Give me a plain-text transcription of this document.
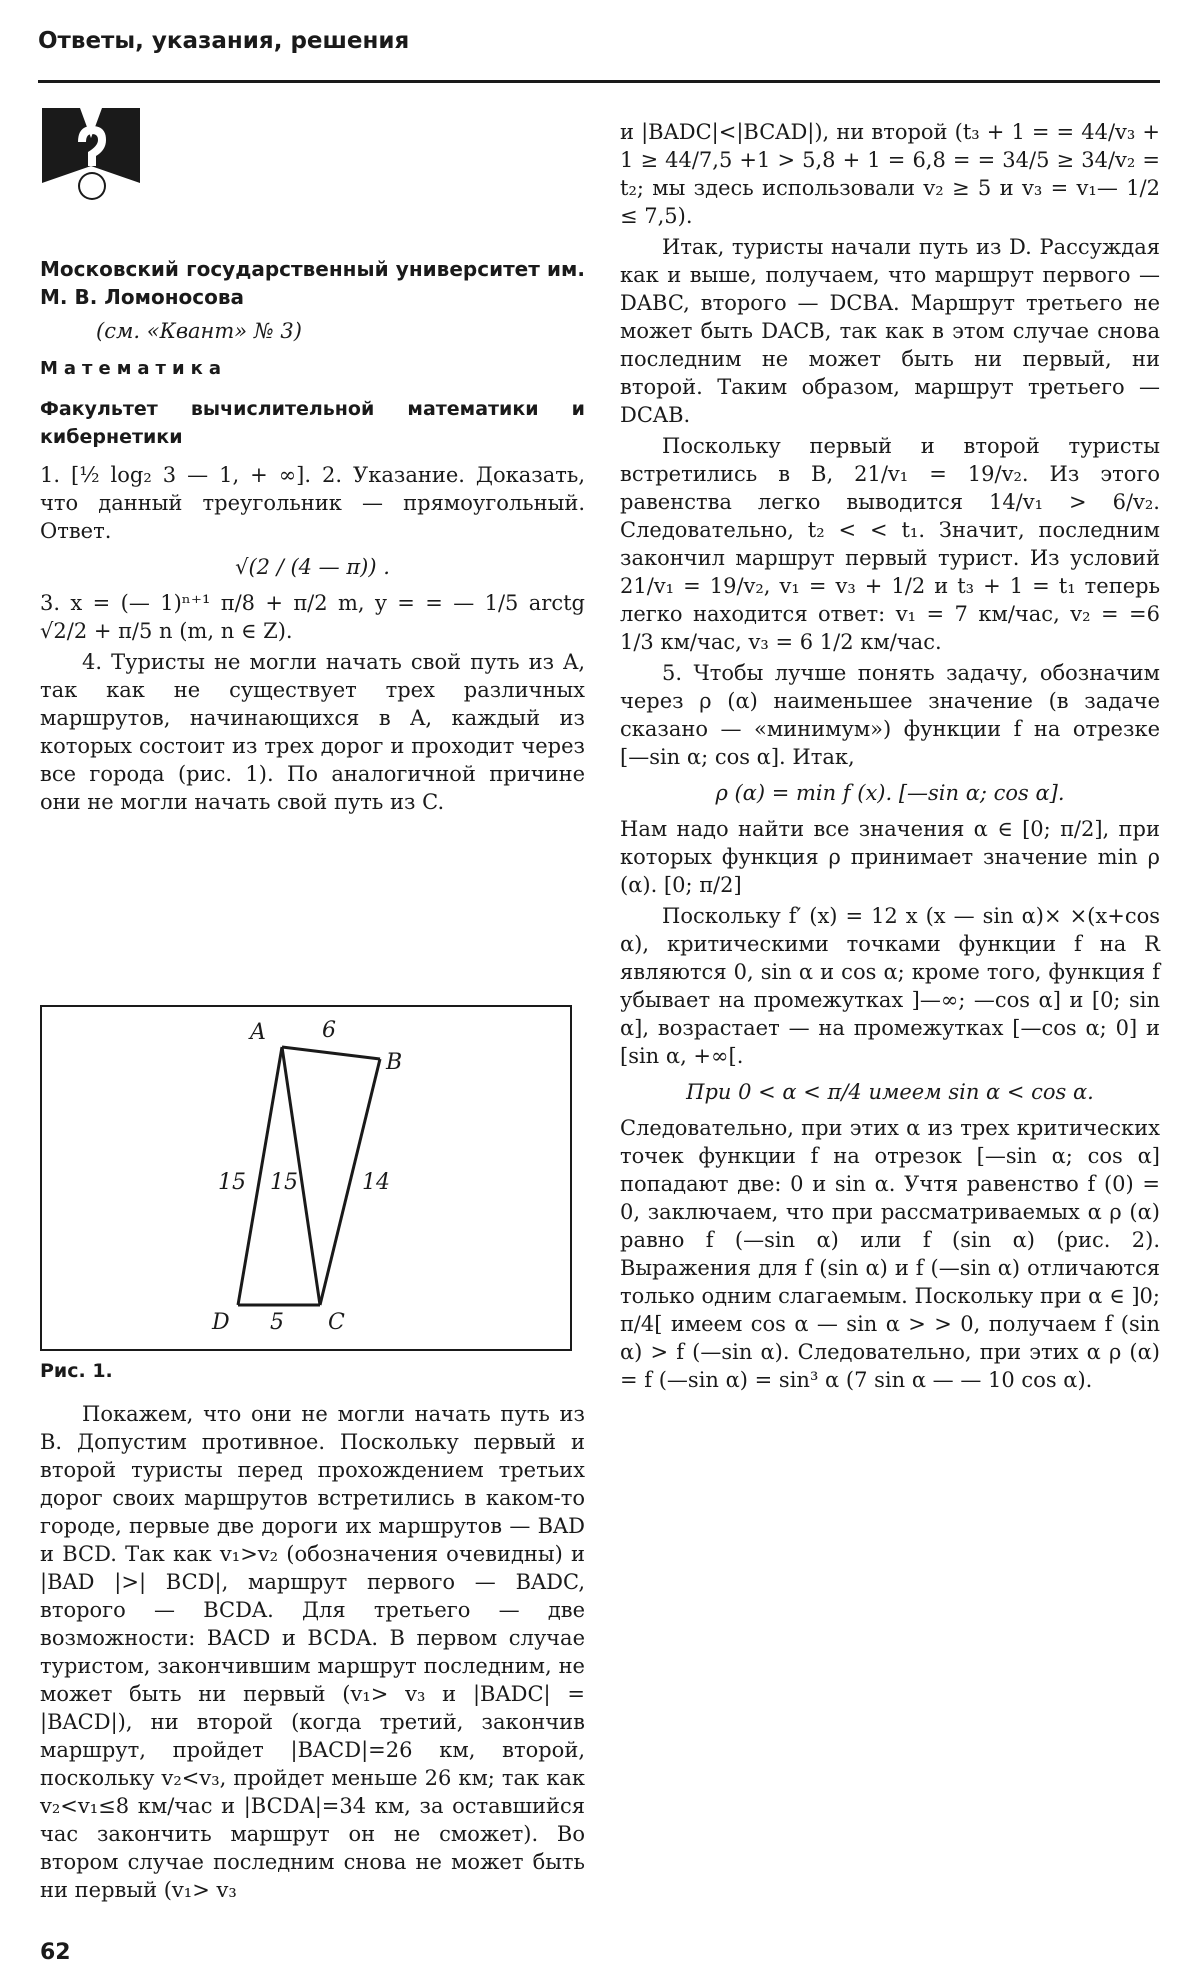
Ответы, указания, решения

Московский государственный университет им. М. В. Ломоносова

(см. «Квант» № 3)

Математика

Факультет вычислительной математики и кибернетики

1. [½ log₂ 3 — 1, + ∞]. 2. Указание. Доказать, что данный треугольник — прямоугольный. Ответ.

√(2 / (4 — π)) .

3. x = (— 1)ⁿ⁺¹ π/8 + π/2 m, y = = — 1/5 arctg √2/2 + π/5 n (m, n ∈ Z).

4. Туристы не могли начать свой путь из A, так как не существует трех различных маршрутов, начинающихся в A, каждый из которых состоит из трех дорог и проходит через все города (рис. 1). По аналогичной причине они не могли начать свой путь из C.

A
B
D	C
6
15 15	14
5
Рис. 1.

Покажем, что они не могли начать путь из B. Допустим противное. Поскольку первый и второй туристы перед прохождением третьих дорог своих маршрутов встретились в каком-то городе, первые две дороги их маршрутов — BAD и BCD. Так как v₁>v₂ (обозначения очевидны) и |BAD |>| BCD|, маршрут первого — BADC, второго — BCDA. Для третьего — две возможности: BACD и BCDA. В первом случае туристом, закончившим маршрут последним, не может быть ни первый (v₁> v₃ и |BADC| = |BACD|), ни второй (когда третий, закончив маршрут, пройдет |BACD|=26 км, второй, поскольку v₂<v₃, пройдет меньше 26 км; так как v₂<v₁≤8 км/час и |BCDA|=34 км, за оставшийся час закончить маршрут он не сможет). Во втором случае последним снова не может быть ни первый (v₁> v₃

и |BADC|<|BCAD|), ни второй (t₃ + 1 = = 44/v₃ + 1 ≥ 44/7,5 +1 > 5,8 + 1 = 6,8 = = 34/5 ≥ 34/v₂ = t₂; мы здесь использовали v₂ ≥ 5 и v₃ = v₁— 1/2 ≤ 7,5).

Итак, туристы начали путь из D. Рассуждая как и выше, получаем, что маршрут первого — DABC, второго — DCBA. Маршрут третьего не может быть DACB, так как в этом случае снова последним не может быть ни первый, ни второй. Таким образом, маршрут третьего — DCAB.

Поскольку первый и второй туристы встретились в B, 21/v₁ = 19/v₂. Из этого равенства легко выводится 14/v₁ > 6/v₂. Следовательно, t₂ < < t₁. Значит, последним закончил маршрут первый турист. Из условий 21/v₁ = 19/v₂, v₁ = v₃ + 1/2 и t₃ + 1 = t₁ теперь легко находится ответ: v₁ = 7 км/час, v₂ = =6 1/3 км/час, v₃ = 6 1/2 км/час.

5. Чтобы лучше понять задачу, обозначим через ρ (α) наименьшее значение (в задаче сказано — «минимум») функции f на отрезке [—sin α; cos α]. Итак,

ρ (α) = min f (x). [—sin α; cos α].

Нам надо найти все значения α ∈ [0; π/2], при которых функция ρ принимает значение min ρ (α). [0; π/2]

Поскольку f′ (x) = 12 x (x — sin α)× ×(x+cos α), критическими точками функции f на R являются 0, sin α и cos α; кроме того, функция f убывает на промежутках ]—∞; —cos α] и [0; sin α], возрастает — на промежутках [—cos α; 0] и [sin α, +∞[.

При 0 < α < π/4 имеем sin α < cos α.

Следовательно, при этих α из трех критических точек функции f на отрезок [—sin α; cos α] попадают две: 0 и sin α. Учтя равенство f (0) = 0, заключаем, что при рассматриваемых α ρ (α) равно f (—sin α) или f (sin α) (рис. 2). Выражения для f (sin α) и f (—sin α) отличаются только одним слагаемым. Поскольку при α ∈ ]0; π/4[ имеем cos α — sin α > > 0, получаем f (sin α) > f (—sin α). Следовательно, при этих α ρ (α) = f (—sin α) = sin³ α (7 sin α — — 10 cos α).

62
